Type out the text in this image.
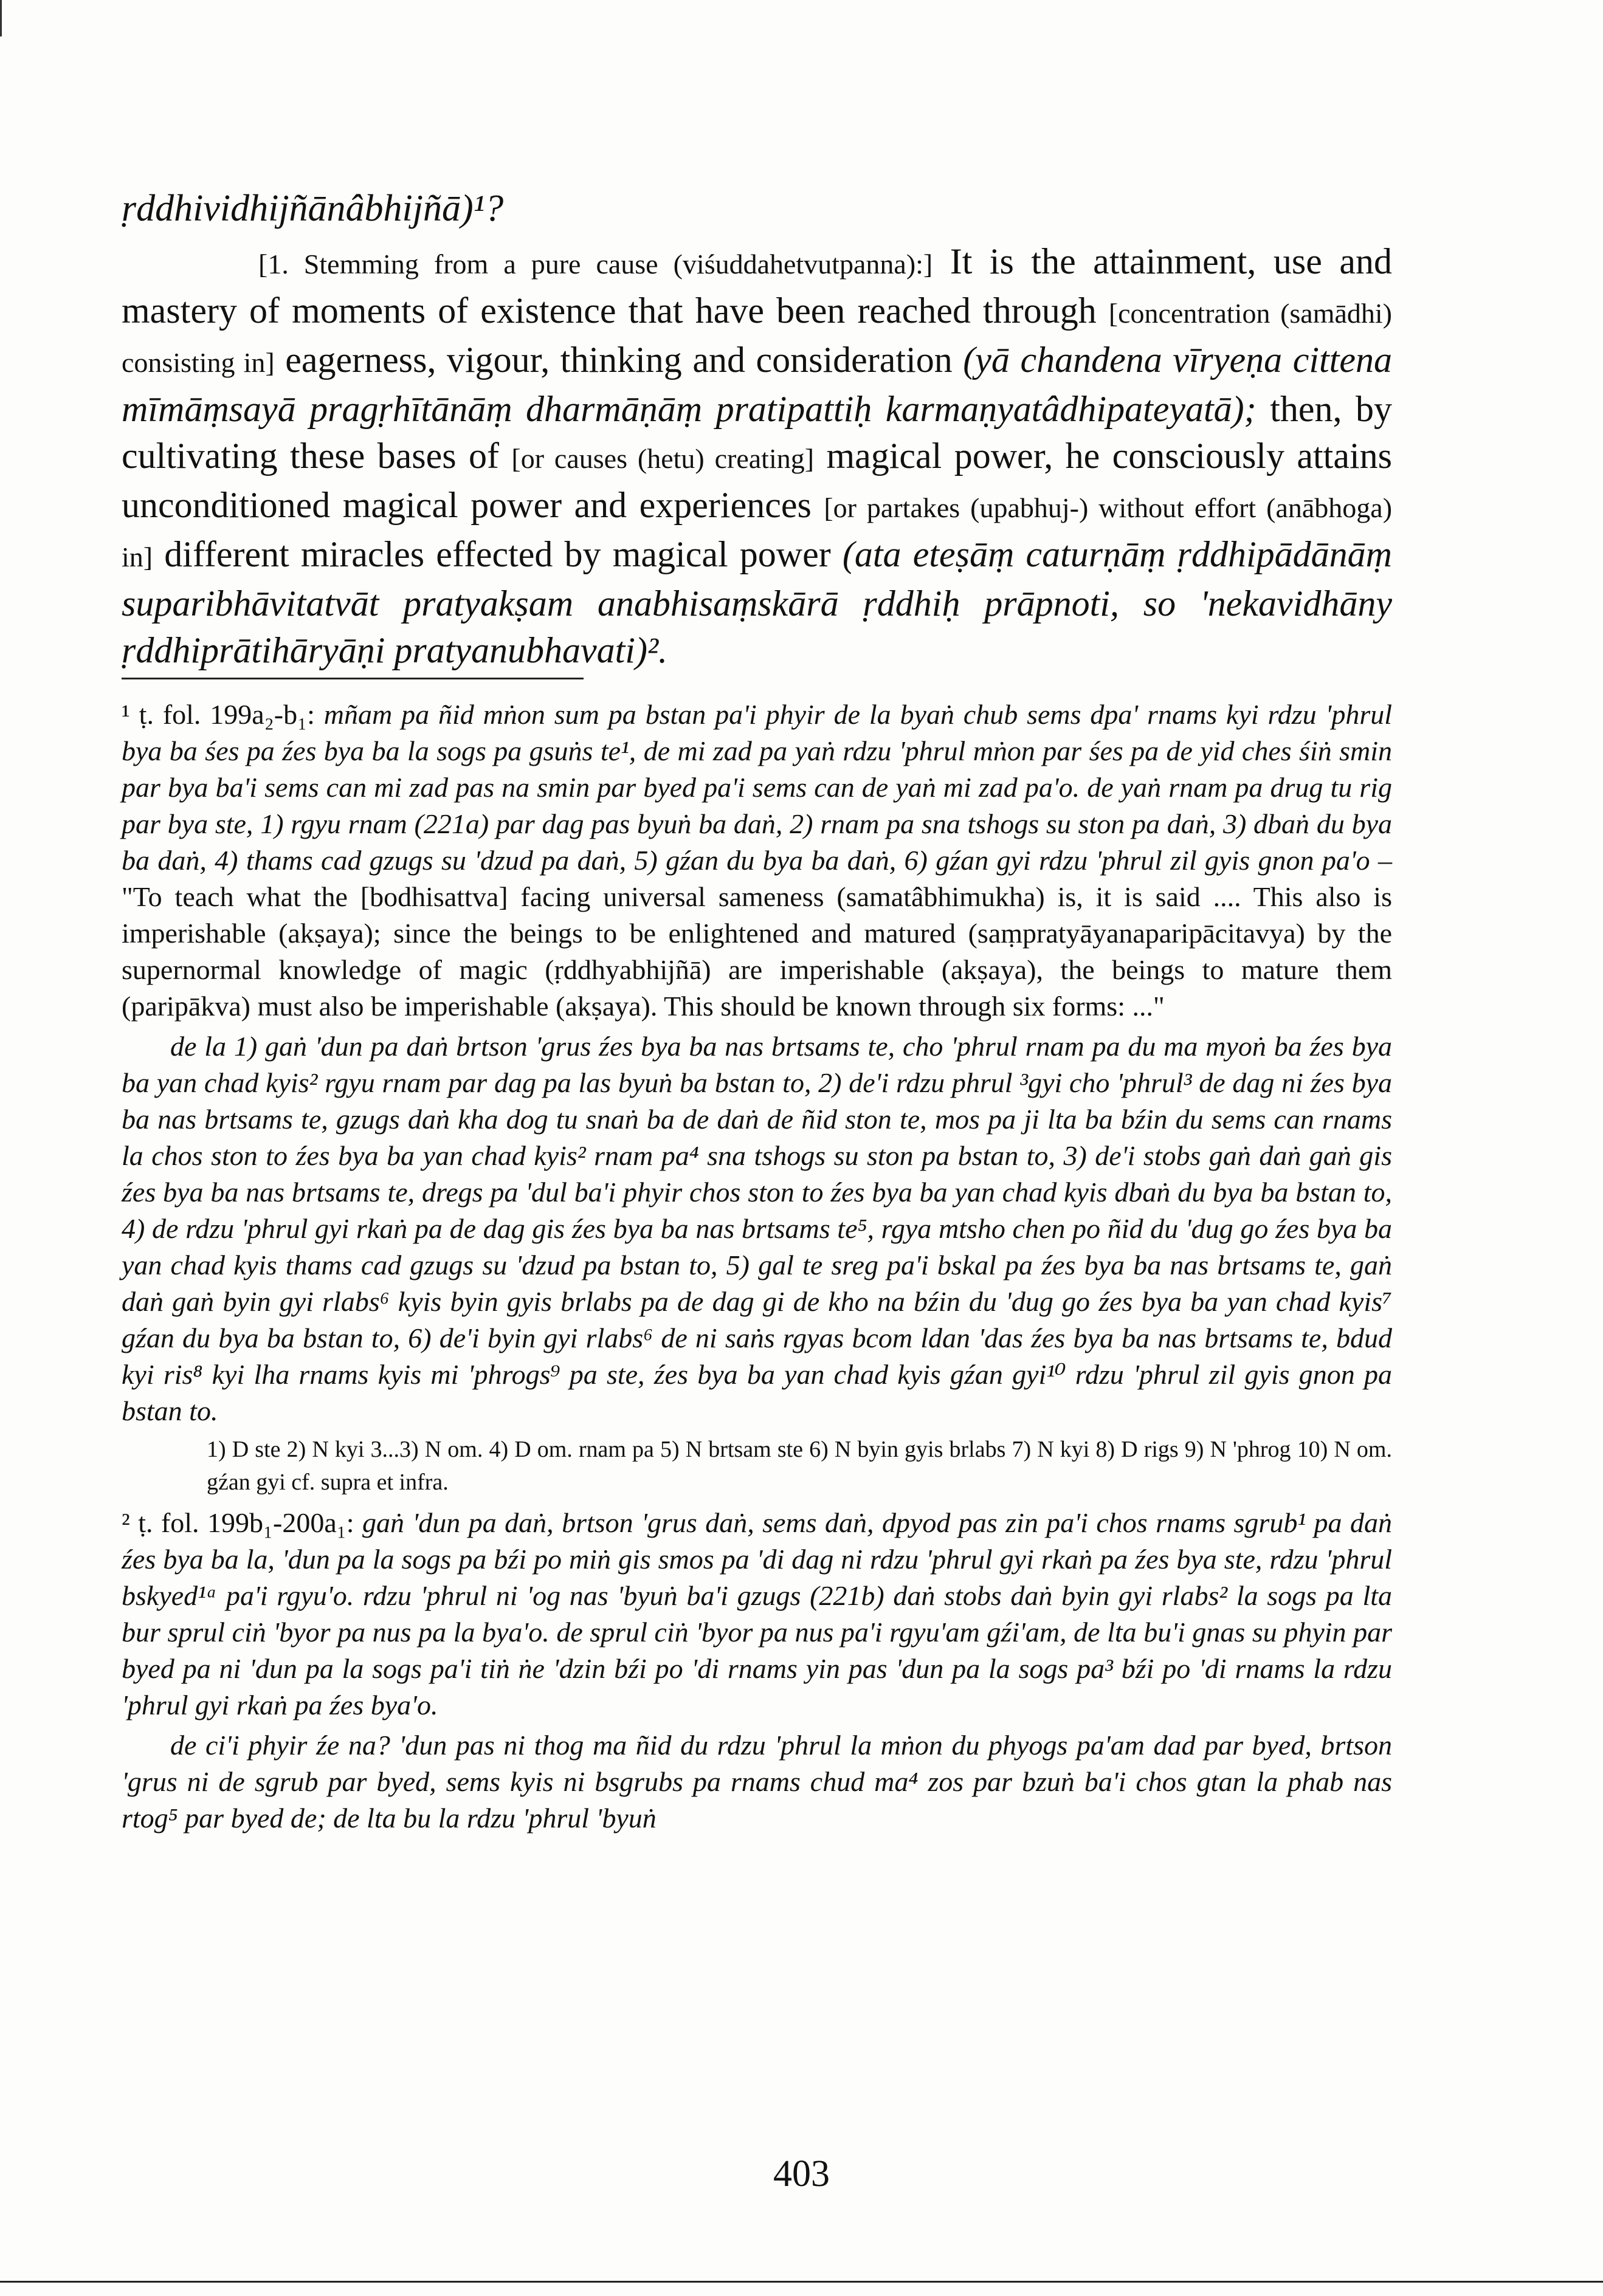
ṛddhividhijñānâbhijñā)¹?

[1. Stemming from a pure cause (viśuddahetvutpanna):] It is the attainment, use and mastery of moments of existence that have been reached through [concentration (samādhi) consisting in] eagerness, vigour, thinking and consideration (yā chandena vīryeṇa cittena mīmāṃsayā pragṛhītānāṃ dharmāṇāṃ pratipattiḥ karmaṇyatâdhipateyatā); then, by cultivating these bases of [or causes (hetu) creating] magical power, he consciously attains unconditioned magical power and experiences [or partakes (upabhuj-) without effort (anābhoga) in] different miracles effected by magical power (ata eteṣāṃ caturṇāṃ ṛddhipādānāṃ suparibhāvitatvāt pratyakṣam anabhisaṃskārā ṛddhiḥ prāpnoti, so 'nekavidhāny ṛddhiprātihāryāṇi pratyanubhavati)².

¹ ṭ. fol. 199a₂-b₁: mñam pa ñid mṅon sum pa bstan pa'i phyir de la byaṅ chub sems dpa' rnams kyi rdzu 'phrul bya ba śes pa źes bya ba la sogs pa gsuṅs te¹, de mi zad pa yaṅ rdzu 'phrul mṅon par śes pa de yid ches śiṅ smin par bya ba'i sems can mi zad pas na smin par byed pa'i sems can de yaṅ mi zad pa'o. de yaṅ rnam pa drug tu rig par bya ste, 1) rgyu rnam (221a) par dag pas byuṅ ba daṅ, 2) rnam pa sna tshogs su ston pa daṅ, 3) dbaṅ du bya ba daṅ, 4) thams cad gzugs su 'dzud pa daṅ, 5) gźan du bya ba daṅ, 6) gźan gyi rdzu 'phrul zil gyis gnon pa'o – "To teach what the [bodhisattva] facing universal sameness (samatâbhimukha) is, it is said .... This also is imperishable (akṣaya); since the beings to be enlightened and matured (saṃpratyāyanaparipācitavya) by the supernormal knowledge of magic (ṛddhyabhijñā) are imperishable (akṣaya), the beings to mature them (paripākva) must also be imperishable (akṣaya). This should be known through six forms: ..."

de la 1) gaṅ 'dun pa daṅ brtson 'grus źes bya ba nas brtsams te, cho 'phrul rnam pa du ma myoṅ ba źes bya ba yan chad kyis² rgyu rnam par dag pa las byuṅ ba bstan to, 2) de'i rdzu phrul ³gyi cho 'phrul³ de dag ni źes bya ba nas brtsams te, gzugs daṅ kha dog tu snaṅ ba de daṅ de ñid ston te, mos pa ji lta ba bźin du sems can rnams la chos ston to źes bya ba yan chad kyis² rnam pa⁴ sna tshogs su ston pa bstan to, 3) de'i stobs gaṅ daṅ gaṅ gis źes bya ba nas brtsams te, dregs pa 'dul ba'i phyir chos ston to źes bya ba yan chad kyis dbaṅ du bya ba bstan to, 4) de rdzu 'phrul gyi rkaṅ pa de dag gis źes bya ba nas brtsams te⁵, rgya mtsho chen po ñid du 'dug go źes bya ba yan chad kyis thams cad gzugs su 'dzud pa bstan to, 5) gal te sreg pa'i bskal pa źes bya ba nas brtsams te, gaṅ daṅ gaṅ byin gyi rlabs⁶ kyis byin gyis brlabs pa de dag gi de kho na bźin du 'dug go źes bya ba yan chad kyis⁷ gźan du bya ba bstan to, 6) de'i byin gyi rlabs⁶ de ni saṅs rgyas bcom ldan 'das źes bya ba nas brtsams te, bdud kyi ris⁸ kyi lha rnams kyis mi 'phrogs⁹ pa ste, źes bya ba yan chad kyis gźan gyi¹⁰ rdzu 'phrul zil gyis gnon pa bstan to.

1) D ste 2) N kyi 3...3) N om. 4) D om. rnam pa 5) N brtsam ste 6) N byin gyis brlabs 7) N kyi 8) D rigs 9) N 'phrog 10) N om. gźan gyi cf. supra et infra.

² ṭ. fol. 199b₁-200a₁: gaṅ 'dun pa daṅ, brtson 'grus daṅ, sems daṅ, dpyod pas zin pa'i chos rnams sgrub¹ pa daṅ źes bya ba la, 'dun pa la sogs pa bźi po miṅ gis smos pa 'di dag ni rdzu 'phrul gyi rkaṅ pa źes bya ste, rdzu 'phrul bskyed¹ᵃ pa'i rgyu'o. rdzu 'phrul ni 'og nas 'byuṅ ba'i gzugs (221b) daṅ stobs daṅ byin gyi rlabs² la sogs pa lta bur sprul ciṅ 'byor pa nus pa la bya'o. de sprul ciṅ 'byor pa nus pa'i rgyu'am gźi'am, de lta bu'i gnas su phyin par byed pa ni 'dun pa la sogs pa'i tiṅ ṅe 'dzin bźi po 'di rnams yin pas 'dun pa la sogs pa³ bźi po 'di rnams la rdzu 'phrul gyi rkaṅ pa źes bya'o.

de ci'i phyir źe na? 'dun pas ni thog ma ñid du rdzu 'phrul la mṅon du phyogs pa'am dad par byed, brtson 'grus ni de sgrub par byed, sems kyis ni bsgrubs pa rnams chud ma⁴ zos par bzuṅ ba'i chos gtan la phab nas rtog⁵ par byed de; de lta bu la rdzu 'phrul 'byuṅ

403
